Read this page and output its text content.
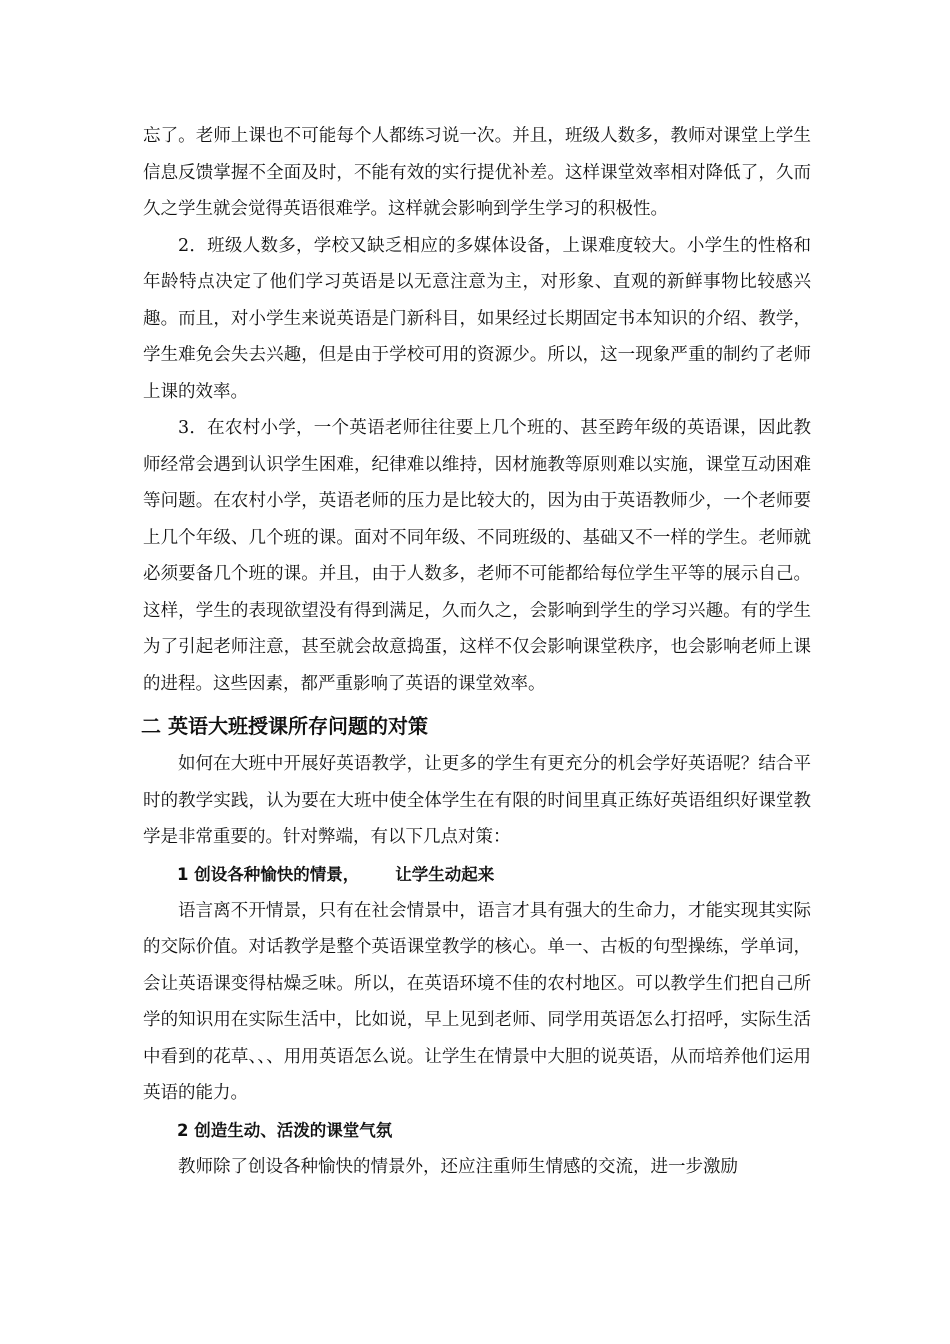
忘了。老师上课也不可能每个人都练习说一次。并且，班级人数多，教师对课堂上学生信息反馈掌握不全面及时，不能有效的实行提优补差。这样课堂效率相对降低了，久而久之学生就会觉得英语很难学。这样就会影响到学生学习的积极性。

2．班级人数多，学校又缺乏相应的多媒体设备，上课难度较大。小学生的性格和年龄特点决定了他们学习英语是以无意注意为主，对形象、直观的新鲜事物比较感兴趣。而且，对小学生来说英语是门新科目，如果经过长期固定书本知识的介绍、教学，学生难免会失去兴趣，但是由于学校可用的资源少。所以，这一现象严重的制约了老师上课的效率。

3．在农村小学，一个英语老师往往要上几个班的、甚至跨年级的英语课，因此教师经常会遇到认识学生困难，纪律难以维持，因材施教等原则难以实施，课堂互动困难等问题。在农村小学，英语老师的压力是比较大的，因为由于英语教师少，一个老师要上几个年级、几个班的课。面对不同年级、不同班级的、基础又不一样的学生。老师就必须要备几个班的课。并且，由于人数多，老师不可能都给每位学生平等的展示自己。这样，学生的表现欲望没有得到满足，久而久之，会影响到学生的学习兴趣。有的学生为了引起老师注意，甚至就会故意捣蛋，这样不仅会影响课堂秩序，也会影响老师上课的进程。这些因素，都严重影响了英语的课堂效率。

二 英语大班授课所存问题的对策

如何在大班中开展好英语教学，让更多的学生有更充分的机会学好英语呢？结合平时的教学实践，认为要在大班中使全体学生在有限的时间里真正练好英语组织好课堂教学是非常重要的。针对弊端，有以下几点对策：

1 创设各种愉快的情景， 让学生动起来

语言离不开情景，只有在社会情景中，语言才具有强大的生命力，才能实现其实际的交际价值。对话教学是整个英语课堂教学的核心。单一、古板的句型操练，学单词，会让英语课变得枯燥乏味。所以，在英语环境不佳的农村地区。可以教学生们把自己所学的知识用在实际生活中，比如说，早上见到老师、同学用英语怎么打招呼，实际生活中看到的花草、、、用用英语怎么说。让学生在情景中大胆的说英语，从而培养他们运用英语的能力。

2 创造生动、活泼的课堂气氛

教师除了创设各种愉快的情景外，还应注重师生情感的交流，进一步激励
